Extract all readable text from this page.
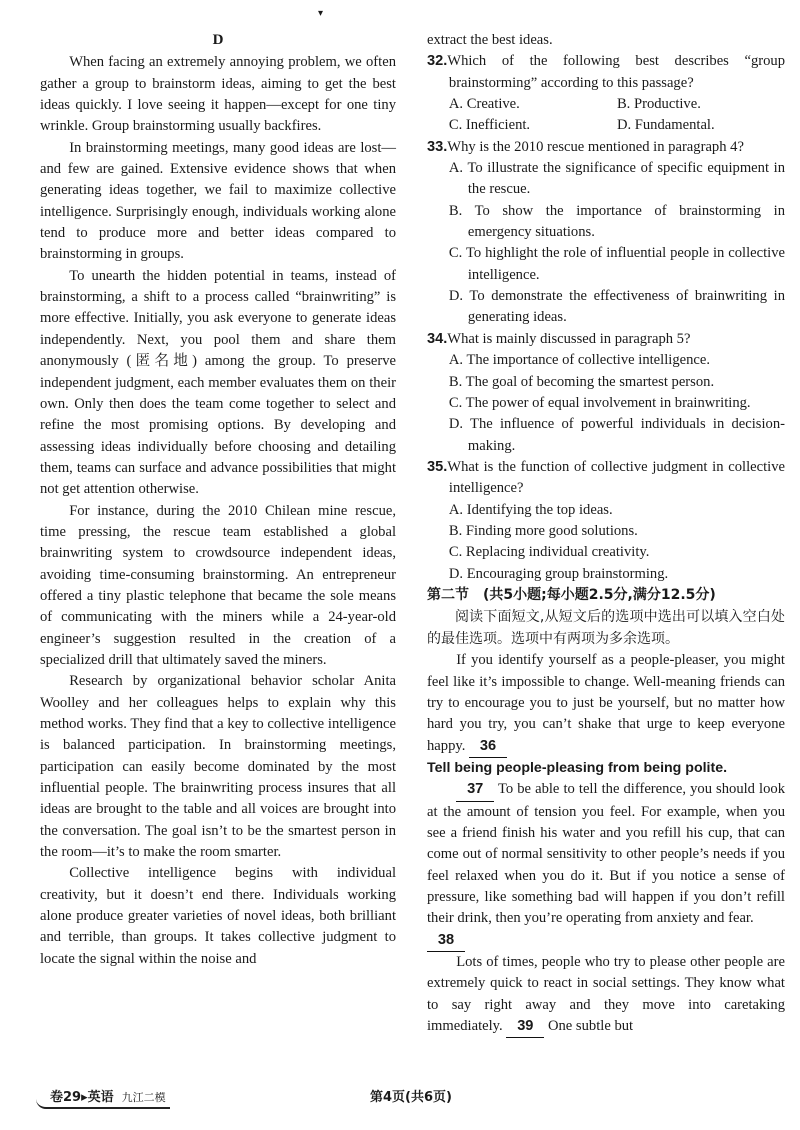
▾
D

When facing an extremely annoying problem, we often gather a group to brainstorm ideas, aiming to get the best ideas quickly. I love seeing it happen—except for one tiny wrinkle. Group brainstorming usually backfires.

In brainstorming meetings, many good ideas are lost—and few are gained. Extensive evidence shows that when generating ideas together, we fail to maximize collective intelligence. Surprisingly enough, individuals working alone tend to produce more and better ideas compared to brainstorming in groups.

To unearth the hidden potential in teams, instead of brainstorming, a shift to a process called “brainwriting” is more effective. Initially, you ask everyone to generate ideas independently. Next, you pool them and share them anonymously (匿名地) among the group. To preserve independent judgment, each member evaluates them on their own. Only then does the team come together to select and refine the most promising options. By developing and assessing ideas individually before choosing and detailing them, teams can surface and advance possibilities that might not get attention otherwise.

For instance, during the 2010 Chilean mine rescue, time pressing, the rescue team established a global brainwriting system to crowdsource independent ideas, avoiding time-consuming brainstorming. An entrepreneur offered a tiny plastic telephone that became the sole means of communicating with the miners while a 24-year-old engineer’s suggestion resulted in the creation of a specialized drill that ultimately saved the miners.

Research by organizational behavior scholar Anita Woolley and her colleagues helps to explain why this method works. They find that a key to collective intelligence is balanced participation. In brainstorming meetings, participation can easily become dominated by the most influential people. The brainwriting process insures that all ideas are brought to the table and all voices are brought into the conversation. The goal isn’t to be the smartest person in the room—it’s to make the room smarter.

Collective intelligence begins with individual creativity, but it doesn’t end there. Individuals working alone produce greater varieties of novel ideas, both brilliant and terrible, than groups. It takes collective judgment to locate the signal within the noise and

extract the best ideas.

32.Which of the following best describes “group brainstorming” according to this passage?
A. Creative.	B. Productive.
C. Inefficient.	D. Fundamental.
33.Why is the 2010 rescue mentioned in paragraph 4?
A. To illustrate the significance of specific equipment in the rescue.
B. To show the importance of brainstorming in emergency situations.
C. To highlight the role of influential people in collective intelligence.
D. To demonstrate the effectiveness of brainwriting in generating ideas.
34.What is mainly discussed in paragraph 5?
A. The importance of collective intelligence.
B. The goal of becoming the smartest person.
C. The power of equal involvement in brainwriting.
D. The influence of powerful individuals in decision-making.
35.What is the function of collective judgment in collective intelligence?
A. Identifying the top ideas.
B. Finding more good solutions.
C. Replacing individual creativity.
D. Encouraging group brainstorming.
第二节　(共5小题;每小题2.5分,满分12.5分)

阅读下面短文,从短文后的选项中选出可以填入空白处的最佳选项。选项中有两项为多余选项。

If you identify yourself as a people-pleaser, you might feel like it’s impossible to change. Well-meaning friends can try to encourage you to just be yourself, but no matter how hard you try, you can’t shake that urge to keep everyone happy. 36

Tell being people-pleasing from being polite.

37 To be able to tell the difference, you should look at the amount of tension you feel. For example, when you see a friend finish his water and you refill his cup, that can come out of normal sensitivity to other people’s needs if you feel relaxed when you do it. But if you notice a sense of pressure, like something bad will happen if you don’t refill their drink, then you’re operating from anxiety and fear.

38

Lots of times, people who try to please other people are extremely quick to react in social settings. They know what to say right away and they move into caretaking immediately. 39 One subtle but

卷29▸英语 九江二模	第4页(共6页)
